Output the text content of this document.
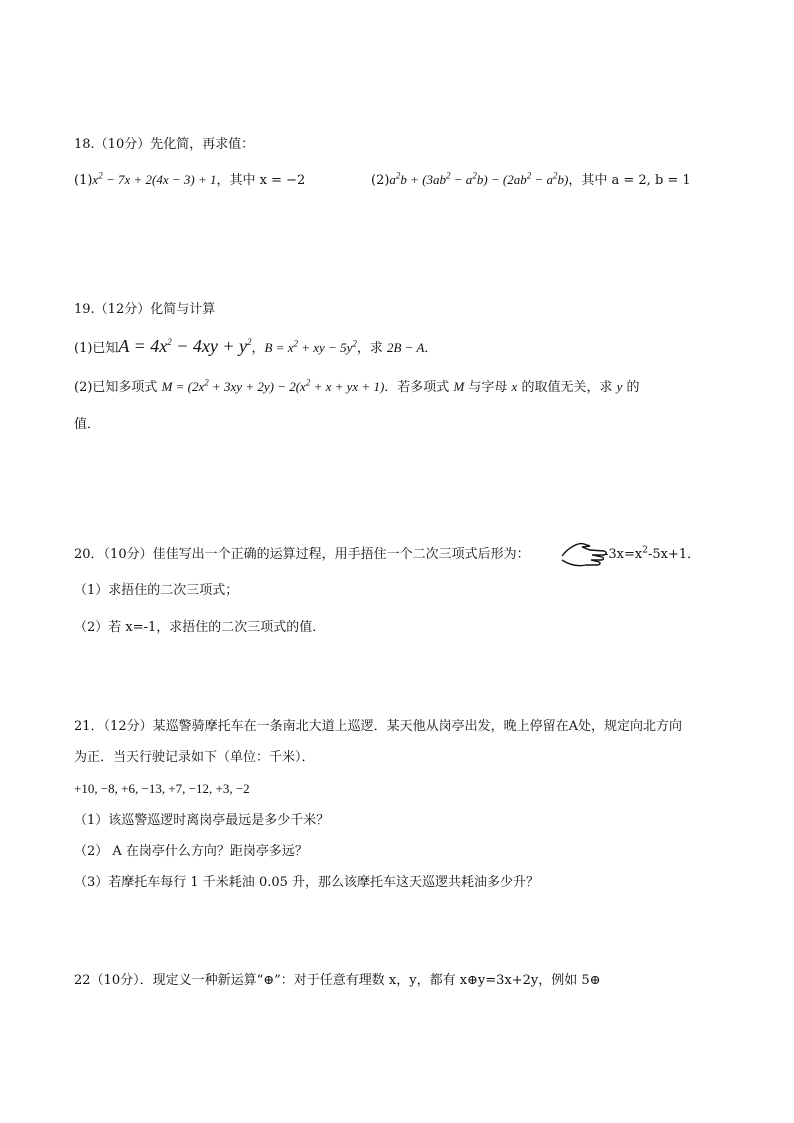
18.（10分）先化简，再求值：
$(1)x^2 - 7x + 2(4x - 3) + 1$，其中 x = −2	$(2)a^2b + (3ab^2 - a^2b) - (2ab^2 - a^2b)$，其中 a = 2, b = 1
19.（12分）化简与计算
(1)已知$A = 4x^2 - 4xy + y^2$，$B = x^2$ + xy − $5y^2$，求 2B − A．
(2)已知多项式 $M = (2x^2 + 3xy + 2y) - 2(x^2 + x$ + yx + 1)．若多项式 M 与字母 x 的取值无关，求 y 的
值．
20．（10分）佳佳写出一个正确的运算过程，用手捂住一个二次三项式后形为：	$-3x=x^2-5x+1$．
（1）求捂住的二次三项式；
（2）若 x=-1，求捂住的二次三项式的值．
21．（12分）某巡警骑摩托车在一条南北大道上巡逻．某天他从岗亭出发，晚上停留在A处，规定向北方向
为正．当天行驶记录如下（单位：千米）．
+10, −8, +6, −13, +7, −12, +3, −2
（1）该巡警巡逻时离岗亭最远是多少千米？
（2） A 在岗亭什么方向？距岗亭多远？
（3）若摩托车每行 1 千米耗油 0.05 升，那么该摩托车这天巡逻共耗油多少升？
22（10分）．现定义一种新运算“⊕”：对于任意有理数 x，y，都有 x⊕y=3x+2y，例如 5⊕
